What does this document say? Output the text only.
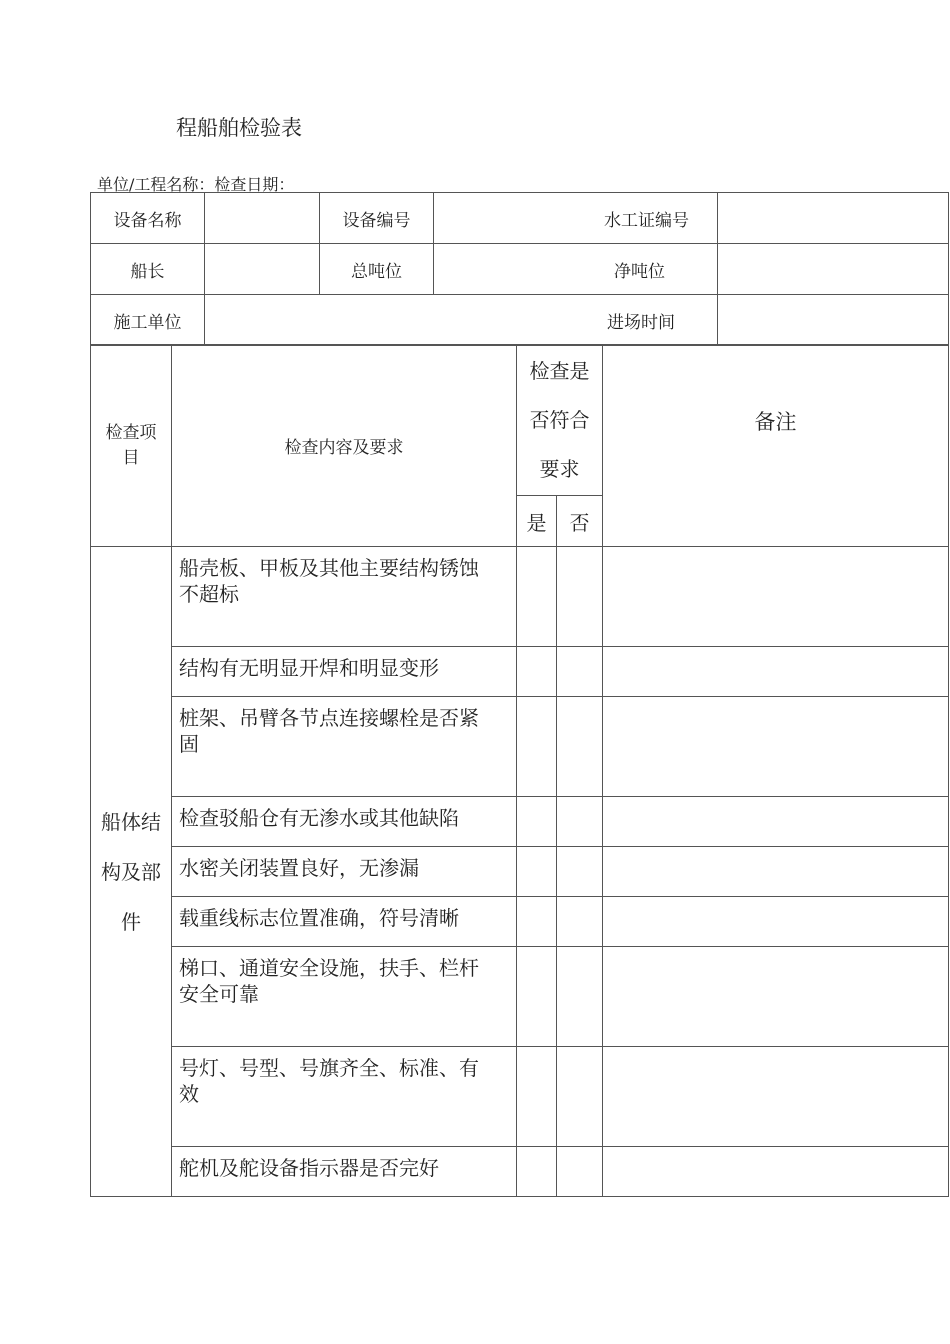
程船舶检验表
单位/工程名称：检查日期：
设备名称		设备编号	水工证编号	
船长		总吨位	净吨位	
施工单位	进场时间			
检查项目	检查内容及要求	检查是否符合要求		备注
		是	否	

船体结构及部件	船壳板、甲板及其他主要结构锈蚀不超标			

	结构有无明显开焊和明显变形			

	桩架、吊臂各节点连接螺栓是否紧固			

	检查驳船仓有无渗水或其他缺陷			

	水密关闭装置良好，无渗漏			

	载重线标志位置准确，符号清晰			

	梯口、通道安全设施，扶手、栏杆安全可靠			

	号灯、号型、号旗齐全、标准、有效			

	舵机及舵设备指示器是否完好			
